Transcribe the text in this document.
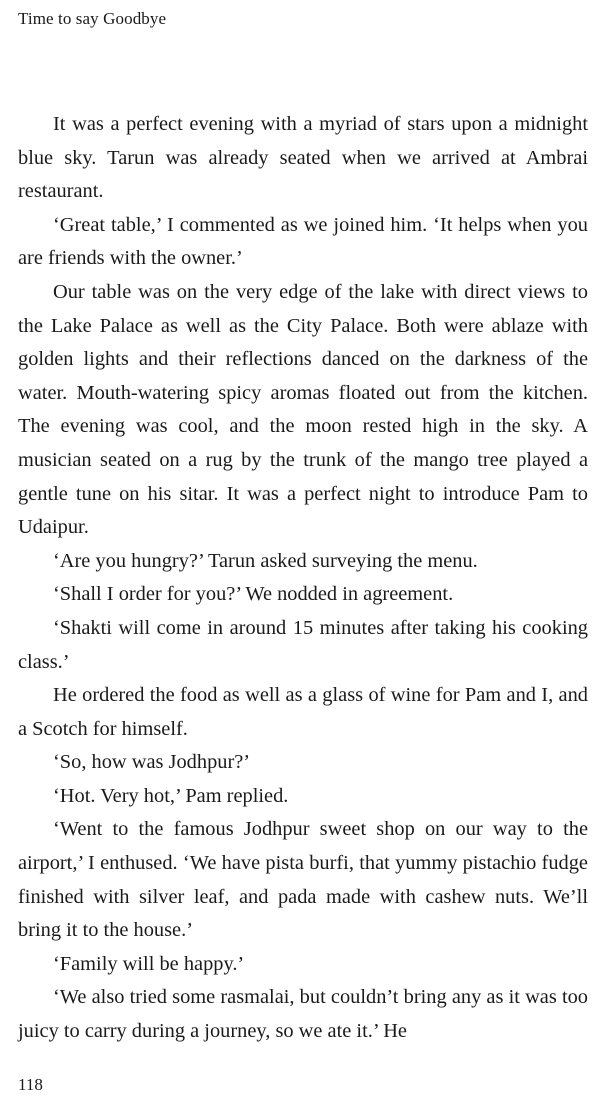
Time to say Goodbye

It was a perfect evening with a myriad of stars upon a midnight blue sky. Tarun was already seated when we arrived at Ambrai restaurant.

‘Great table,’ I commented as we joined him. ‘It helps when you are friends with the owner.’

Our table was on the very edge of the lake with direct views to the Lake Palace as well as the City Palace. Both were ablaze with golden lights and their reflections danced on the darkness of the water. Mouth-watering spicy aromas floated out from the kitchen. The evening was cool, and the moon rested high in the sky. A musician seated on a rug by the trunk of the mango tree played a gentle tune on his sitar. It was a perfect night to introduce Pam to Udaipur.

‘Are you hungry?’ Tarun asked surveying the menu.

‘Shall I order for you?’ We nodded in agreement.

‘Shakti will come in around 15 minutes after taking his cooking class.’

He ordered the food as well as a glass of wine for Pam and I, and a Scotch for himself.

‘So, how was Jodhpur?’

‘Hot. Very hot,’ Pam replied.

‘Went to the famous Jodhpur sweet shop on our way to the airport,’ I enthused. ‘We have pista burfi, that yummy pistachio fudge finished with silver leaf, and pada made with cashew nuts. We’ll bring it to the house.’

‘Family will be happy.’

‘We also tried some rasmalai, but couldn’t bring any as it was too juicy to carry during a journey, so we ate it.’ He

118
